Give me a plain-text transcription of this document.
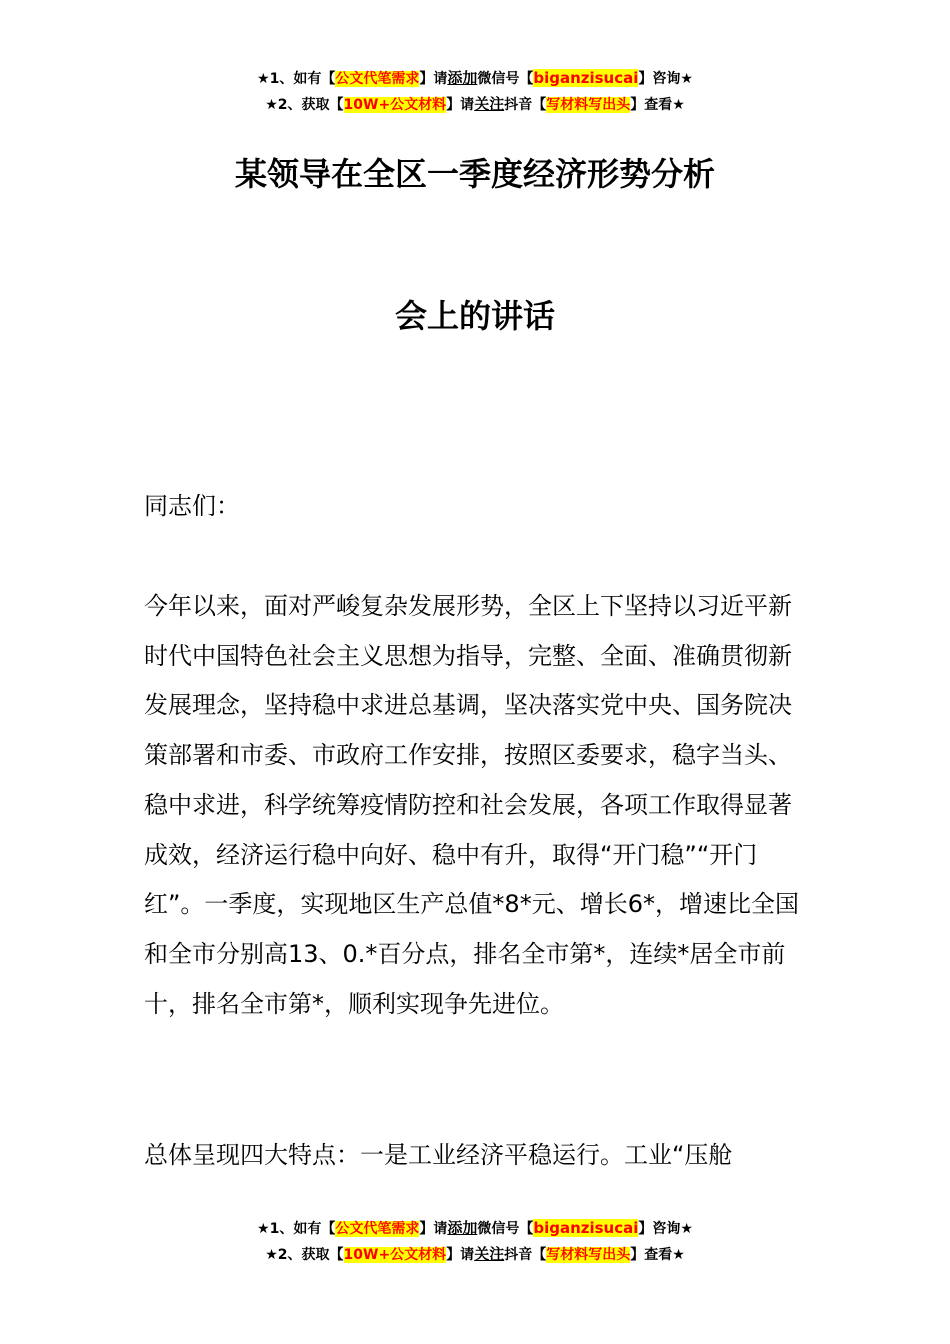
★1、如有【公文代笔需求】请添加微信号【biganzisucai】咨询★
★2、获取【10W+公文材料】请关注抖音【写材料写出头】查看★
某领导在全区一季度经济形势分析
会上的讲话

同志们：

今年以来，面对严峻复杂发展形势，全区上下坚持以习近平新时代中国特色社会主义思想为指导，完整、全面、准确贯彻新发展理念，坚持稳中求进总基调，坚决落实党中央、国务院决策部署和市委、市政府工作安排，按照区委要求，稳字当头、稳中求进，科学统筹疫情防控和社会发展，各项工作取得显著成效，经济运行稳中向好、稳中有升，取得“开门稳”“开门红”。一季度，实现地区生产总值*8*元、增长6*，增速比全国和全市分别高13、0.*百分点，排名全市第*，连续*居全市前十，排名全市第*，顺利实现争先进位。

总体呈现四大特点：一是工业经济平稳运行。工业“压舱

★1、如有【公文代笔需求】请添加微信号【biganzisucai】咨询★
★2、获取【10W+公文材料】请关注抖音【写材料写出头】查看★
